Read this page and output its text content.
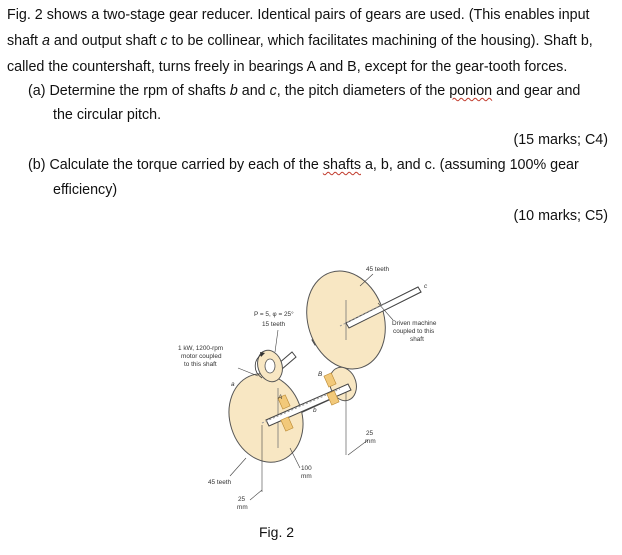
Fig. 2 shows a two-stage gear reducer. Identical pairs of gears are used. (This enables input
shaft a and output shaft c to be collinear, which facilitates machining of the housing). Shaft b,
called the countershaft, turns freely in bearings A and B, except for the gear-tooth forces.
(a) Determine the rpm of shafts b and c, the pitch diameters of the ponion and gear and
the circular pitch.
(15 marks; C4)
(b) Calculate the torque carried by each of the shafts a, b, and c. (assuming 100% gear
efficiency)
(10 marks; C5)
45 teeth
P = 5, φ = 25°
15 teeth
1 kW, 1200-rpm
motor coupled
to this shaft
Driven machine
coupled to this
shaft
a
b
c
A
B
25
mm
100
mm
45 teeth
25
mm
Fig. 2
